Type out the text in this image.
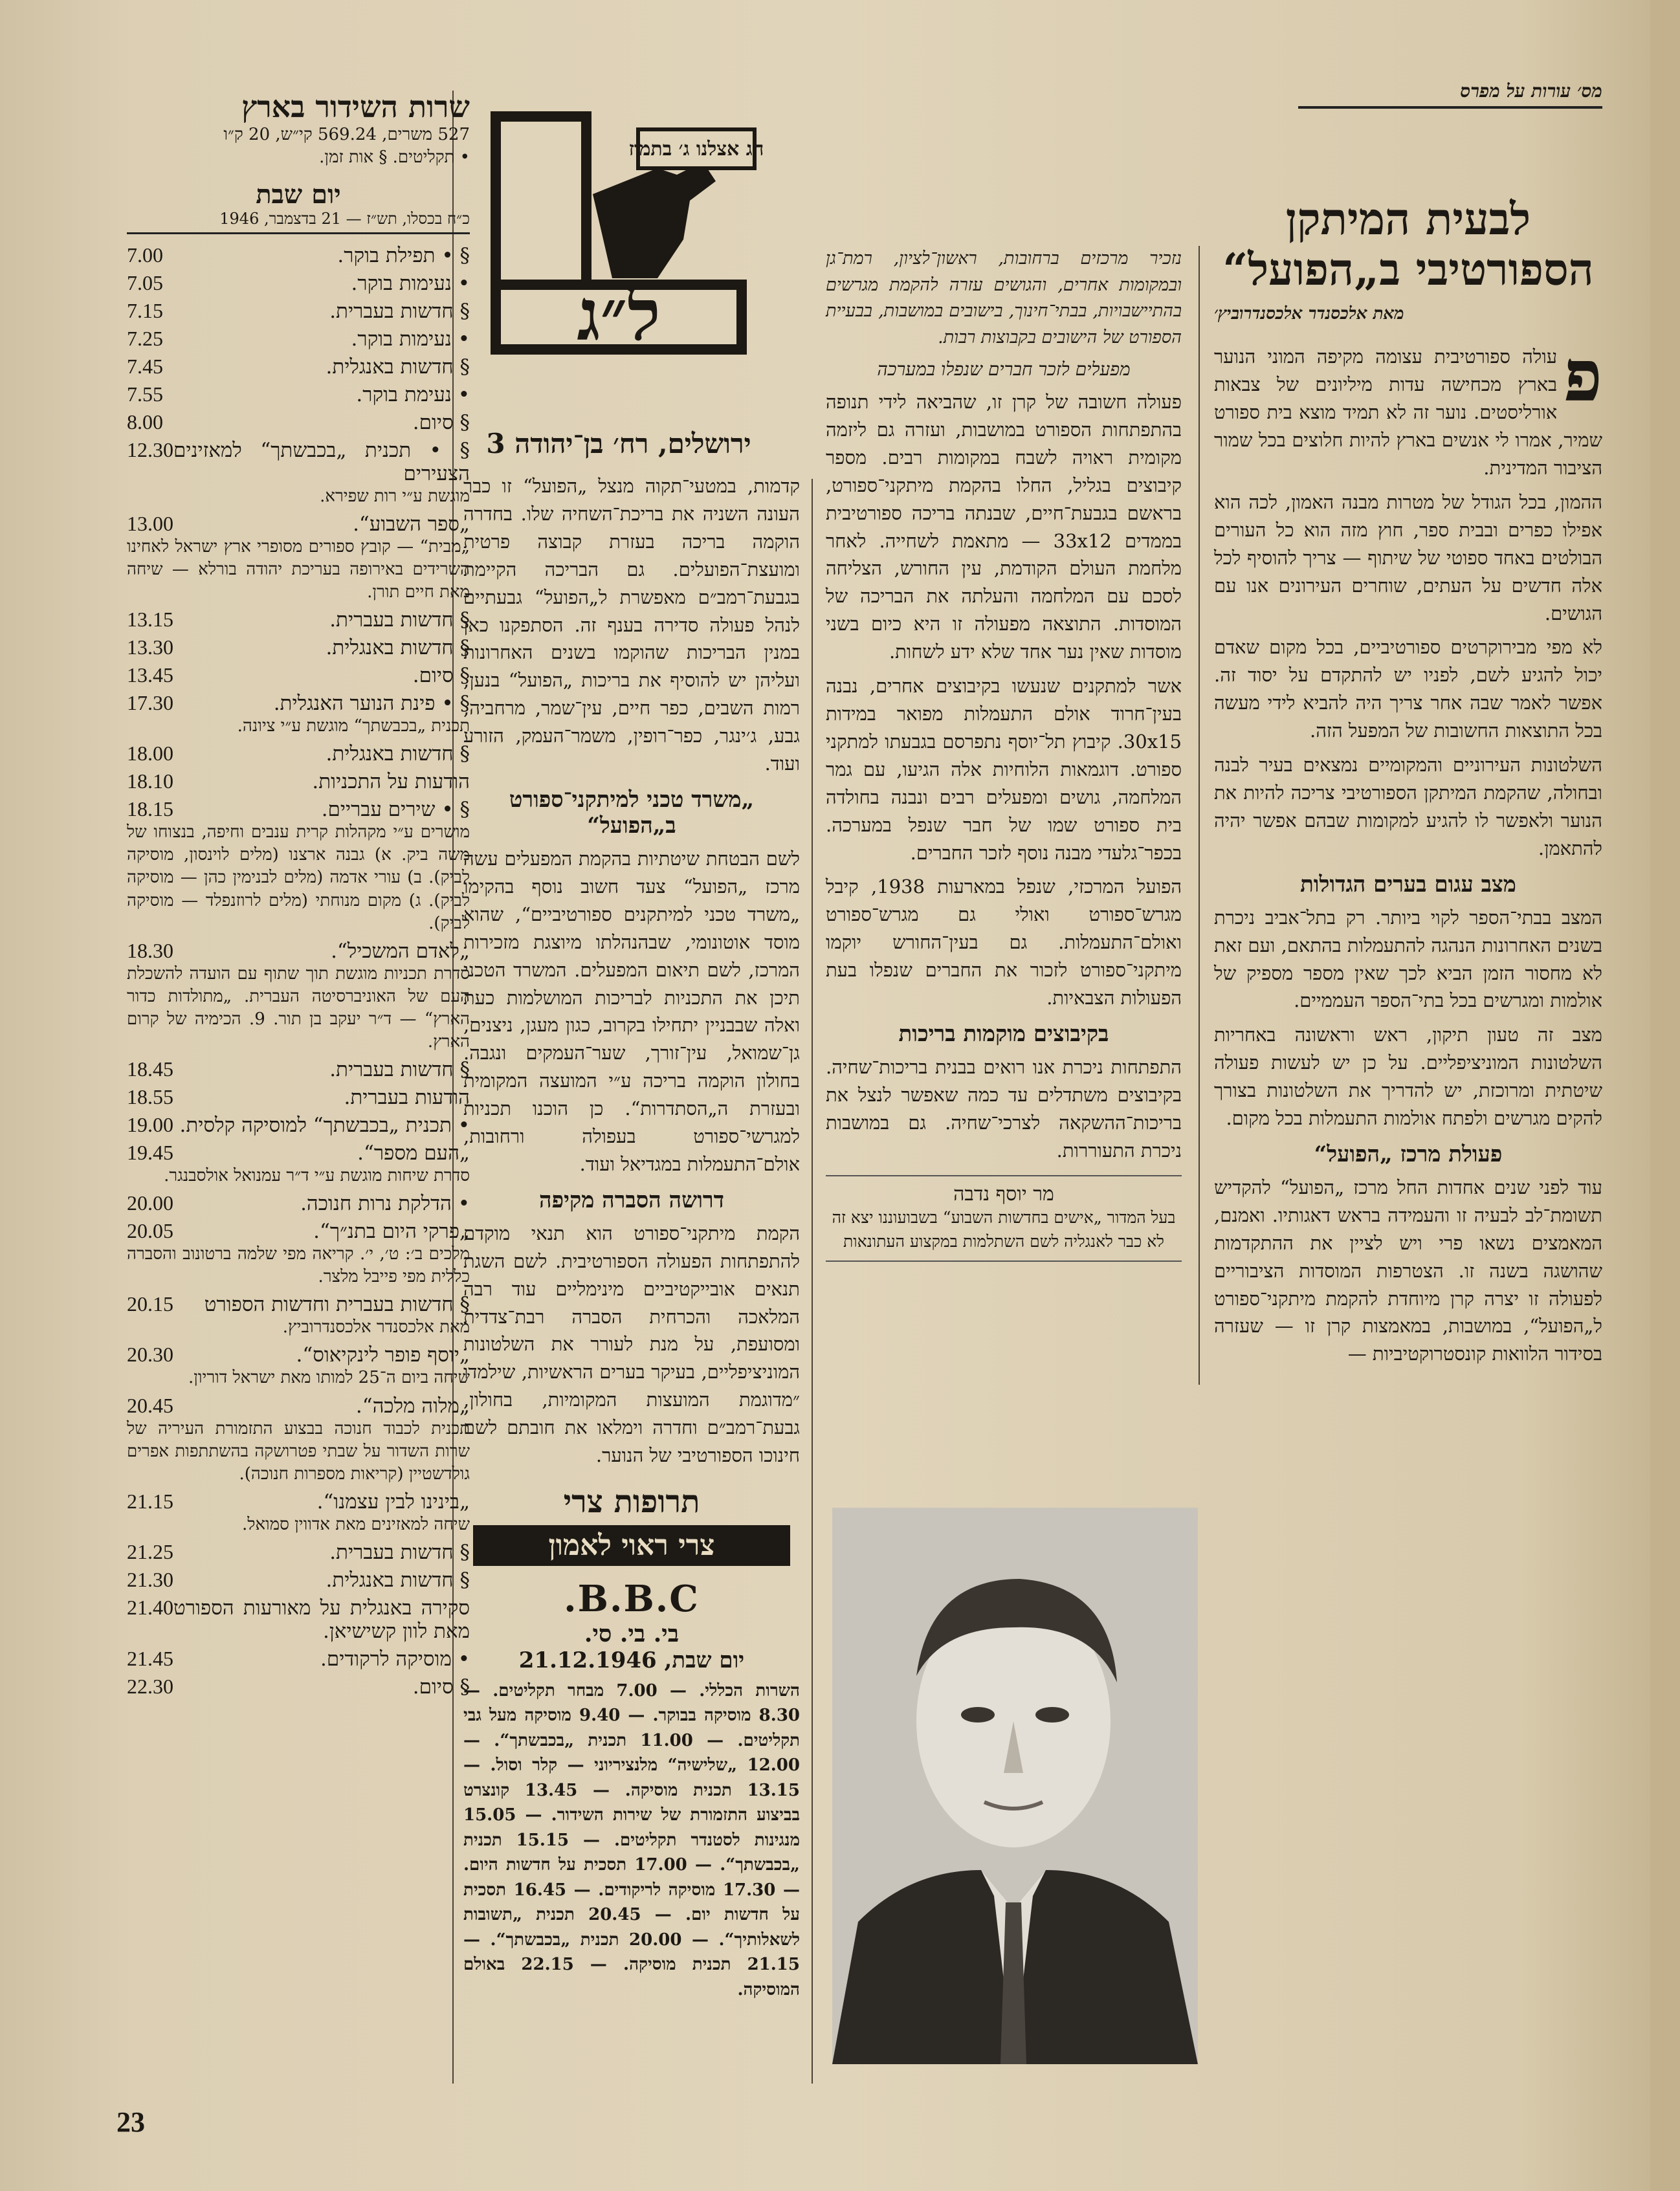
מס׳ עורות על מפרס
לבעית המיתקן הספורטיבי ב„הפועל“
מאת אלכסנדר אלכסנדרוביץ׳
פ

עולה ספורטיבית עצומה מקיפה המוני הנוער בארץ מכחישה עדות מיליונים של צבאות אורליסטים. נוער זה לא תמיד מוצא בית ספורט שמיר, אמרו לי אנשים בארץ להיות חלוצים בכל שמור הציבור המדינית.

ההמון, בכל הגודל של מטרות מבנה האמון, לכה הוא אפילו כפרים ובבית ספר, חוץ מזה הוא כל העורים הבולטים באחד ספוטי של שיתוף — צריך להוסיף לכל אלה חדשים על העתים, שוחרים העירונים אנו עם הגושים.

לא מפי מבירוקרטים ספורטיביים, בכל מקום שאדם יכול להגיע לשם, לפניו יש להתקדם על יסוד זה. אפשר לאמר שבה אחר צריך היה להביא לידי מעשה בכל התוצאות החשובות של המפעל הזה.

השלטונות העירוניים והמקומיים נמצאים בעיר לבנה ובחולה, שהקמת המיתקן הספורטיבי צריכה להיות את הנוער ולאפשר לו להגיע למקומות שבהם אפשר יהיה להתאמן.

מצב עגום בערים הגדולות

המצב בבתי־הספר לקוי ביותר. רק בתל־אביב ניכרת בשנים האחרונות הנהגה להתעמלות בהתאם, ועם זאת לא מחסור הזמן הביא לכך שאין מספר מספיק של אולמות ומגרשים בכל בתי־הספר העממיים.

מצב זה טעון תיקון, ראש וראשונה באחריות השלטונות המוניציפליים. על כן יש לעשות פעולה שיטתית ומרוכזת, יש להדריך את השלטונות בצורך להקים מגרשים ולפתח אולמות התעמלות בכל מקום.

פעולת מרכז „הפועל“

עוד לפני שנים אחדות החל מרכז „הפועל“ להקדיש תשומת־לב לבעיה זו והעמידה בראש דאגותיו. ואמנם, המאמצים נשאו פרי ויש לציין את ההתקדמות שהושגה בשנה זו. הצטרפות המוסדות הציבוריים לפעולה זו יצרה קרן מיוחדת להקמת מיתקני־ספורט ל„הפועל“, במושבות, במאמצות קרן זו — שעזרה בסידור הלוואות קונסטרוקטיביות —

נזכיר מרכזים ברחובות, ראשון־לציון, רמת־גן ובמקומות אחרים, והגושים עזרה להקמת מגרשים בהתיישבויות, בבתי־חינוך, בישובים במושבות, בבעיית הספורט של הישובים בקבוצות רבות.

מפעלים לזכר חברים שנפלו במערכה

פעולה חשובה של קרן זו, שהביאה לידי תנופה בהתפתחות הספורט במושבות, ועזרה גם ליזמה מקומית ראויה לשבח במקומות רבים. מספר קיבוצים בגליל, החלו בהקמת מיתקני־ספורט, בראשם בגבעת־חיים, שבנתה בריכה ספורטיבית בממדים 33x12 — מתאמת לשחייה. לאחר מלחמת העולם הקודמת, עין החורש, הצליחה לסכם עם המלחמה והעלתה את הבריכה של המוסדות. התוצאה מפעולה זו היא כיום בשני מוסדות שאין נער אחד שלא ידע לשחות.

אשר למתקנים שנעשו בקיבוצים אחרים, נבנה בעין־חרוד אולם התעמלות מפואר במידות 30x15. קיבוץ תל־יוסף נתפרסם בגבעתו למתקני ספורט. דוגמאות הלוחיות אלה הגיעו, עם גמר המלחמה, גושים ומפעלים רבים ונבנה בחולדה בית ספורט שמו של חבר שנפל במערכה. בכפר־גלעדי מבנה נוסף לזכר החברים.

הפועל המרכזי, שנפל במארעות 1938, קיבל מגרש־ספורט ואולי גם מגרש־ספורט ואולם־התעמלות. גם בעין־החורש יוקמו מיתקני־ספורט לזכור את החברים שנפלו בעת הפעולות הצבאיות.

בקיבוצים מוקמות בריכות

התפתחות ניכרת אנו רואים בבנית בריכות־שחיה. בקיבוצים משתדלים עד כמה שאפשר לנצל את בריכות־ההשקאה לצרכי־שחיה. גם במושבות ניכרת התעוררות.

מר יוסף נדבה
בעל המדור „אישים בחדשות השבוע“ בשבועוננו יצא זה לא כבר לאנגליה לשם השתלמות במקצוע העתונאות
חג אצלנו ג׳ בתמוז
ל״ג
ירושלים, רח׳ בן־יהודה 3

קדמות, במטעי־תקוה מנצל „הפועל“ זו כבר העונה השניה את בריכת־השחיה שלו. בחדרה הוקמה בריכה בעזרת קבוצה פרטית ומועצת־הפועלים. גם הבריכה הקיימת בגבעת־רמב״ם מאפשרת ל„הפועל“ גבעתיים לנהל פעולה סדירה בענף זה. הסתפקנו כאן במנין הבריכות שהוקמו בשנים האחרונות ועליהן יש להוסיף את בריכות „הפועל“ בנען, רמות השבים, כפר חיים, עין־שמר, מרחביה, גבע, ג׳ינגר, כפר־רופין, משמר־העמק, הזורע ועוד.

„משרד טכני למיתקני־ספורט ב„הפועל“

לשם הבטחת שיטתיות בהקמת המפעלים עשה מרכז „הפועל“ צעד חשוב נוסף בהקימו „משרד טכני למיתקנים ספורטיביים“, שהוא מוסד אוטונומי, שבהנהלתו מיוצגת מזכירות המרכז, לשם תיאום המפעלים. המשרד הטכני תיכן את התכניות לבריכות המושלמות כעת ואלה שבבניין יתחילו בקרוב, כגון מעגן, ניצנים, גן־שמואל, עין־זורך, שער־העמקים ונגבה. בחולון הוקמה בריכה ע״י המועצה המקומית ובעזרת ה„הסתדרות“. כן הוכנו תכניות למגרשי־ספורט בעפולה ורחובות, אולם־התעמלות במגדיאל ועוד.

דרושה הסברה מקיפה

הקמת מיתקני־ספורט הוא תנאי מוקדם להתפתחות הפעולה הספורטיבית. לשם השגת תנאים אובייקטיביים מינימליים עוד רבה המלאכה והכרחית הסברה רבת־צדדית ומסועפת, על מנת לעורר את השלטונות המוניציפליים, בעיקר בערים הראשיות, שילמדו ״מדוגמת המועצות המקומיות, בחולון, גבעת־רמב״ם וחדרה וימלאו את חובתם לשם חינוכו הספורטיבי של הנוער.

תרופות צרי
צרי ראוי לאמון
B.B.C.
בי. בי. סי.
יום שבת, 21.12.1946
השרות הכללי. — 7.00 מבחר תקליטים. — 8.30 מוסיקה בבוקר. — 9.40 מוסיקה מעל גבי תקליטים. — 11.00 תכנית „בכבשתך“. — 12.00 „שלישיה“ מלנציריוני — קלר וסול. — 13.15 תכנית מוסיקה. — 13.45 קונצרט בביצוע התזמורת של שירות השידור. — 15.05 מנגינות לסטנדר תקליטים. — 15.15 תכנית „בכבשתך“. — 17.00 תסכית על חדשות היום. — 17.30 מוסיקה לריקודים. — 16.45 תסכית על חדשות יום. — 20.45 תכנית „תשובות לשאלותיך“. — 20.00 תכנית „בכבשתך“. — 21.15 תכנית מוסיקה. — 22.15 באולם המוסיקה.
שרות השידור בארץ
527 משרים, 569.24 קי״ש, 20 ק״ו
• תקליטים. § אות זמן.
יום שבת
כ״ח בכסלו, תש״ז — 21 בדצמבר, 1946
§ • תפילת בוקר.
7.00
• נעימות בוקר.
7.05
§ חדשות בעברית.
7.15
• נעימות בוקר.
7.25
§ חדשות באנגלית.
7.45
• נעימת בוקר.
7.55
§ סיום.
8.00
§ • תכנית „בכבשתך“ למאזינים הצעירים
12.30
מוגשת ע״י רות שפירא.
„ספר השבוע“.
13.00
„מבית“ — קובץ ספורים מסופרי ארץ ישראל לאחינו השרידים באירופה בעריכת יהודה בורלא — שיחה מאת חיים תורן.
§ חדשות בעברית.
13.15
§ חדשות באנגלית.
13.30
§ סיום.
13.45
§ • פינת הנוער האנגלית.
17.30
תכנית „בכבשתך“ מוגשת ע״י ציונה.
§ חדשות באנגלית.
18.00
הודעות על התכניות.
18.10
§ • שירים עבריים.
18.15
מושרים ע״י מקהלות קרית ענבים וחיפה, בנצוחו של משה ביק. א) גבנה ארצנו (מלים לוינסון, מוסיקה לביק). ב) עורי אדמה (מלים לבנימין כהן — מוסיקה לביק). ג) מקום מנוחתי (מלים לרוזנפלד — מוסיקה לביק).
„לאדם המשכיל“.
18.30
סדרת תכניות מוגשת תוך שתוף עם הועדה להשכלת העם של האוניברסיטה העברית. „מתולדות כדור הארץ“ — ד״ר יעקב בן תור. 9. הכימיה של קרום הארץ.
§ חדשות בעברית.
18.45
הודעות בעברית.
18.55
• תכנית „בכבשתך“ למוסיקה קלסית.
19.00
„העם מספר“.
19.45
סדרת שיחות מוגשת ע״י ד״ר עמנואל אולסבנגר.
• הדלקת נרות חנוכה.
20.00
„פרקי היום בתנ״ך“.
20.05
מלכים ב׳: ט׳, י׳. קריאה מפי שלמה ברטונוב והסברה כללית מפי פייבל מלצר.
§ חדשות בעברית וחדשות הספורט
20.15
מאת אלכסנדר אלכסנדרוביץ.
„יוסף פופר לינקיאוס“.
20.30
שיחה ביום ה־25 למותו מאת ישראל דוריון.
„מלוה מלכה“.
20.45
תכנית לכבוד חנוכה בבצוע התזמורת העיריה של שרות השדור על שבתי פטרושקה בהשתתפות אפרים גולדשטיין (קריאות מספרות חנוכה).
„בינינו לבין עצמנו“.
21.15
שיחה למאזינים מאת אדווין סמואל.
§ חדשות בעברית.
21.25
§ חדשות באנגלית.
21.30
סקירה באנגלית על מאורעות הספורט מאת לוון קשישיאן.
21.40
• מוסיקה לרקודים.
21.45
§ סיום.
22.30
23
